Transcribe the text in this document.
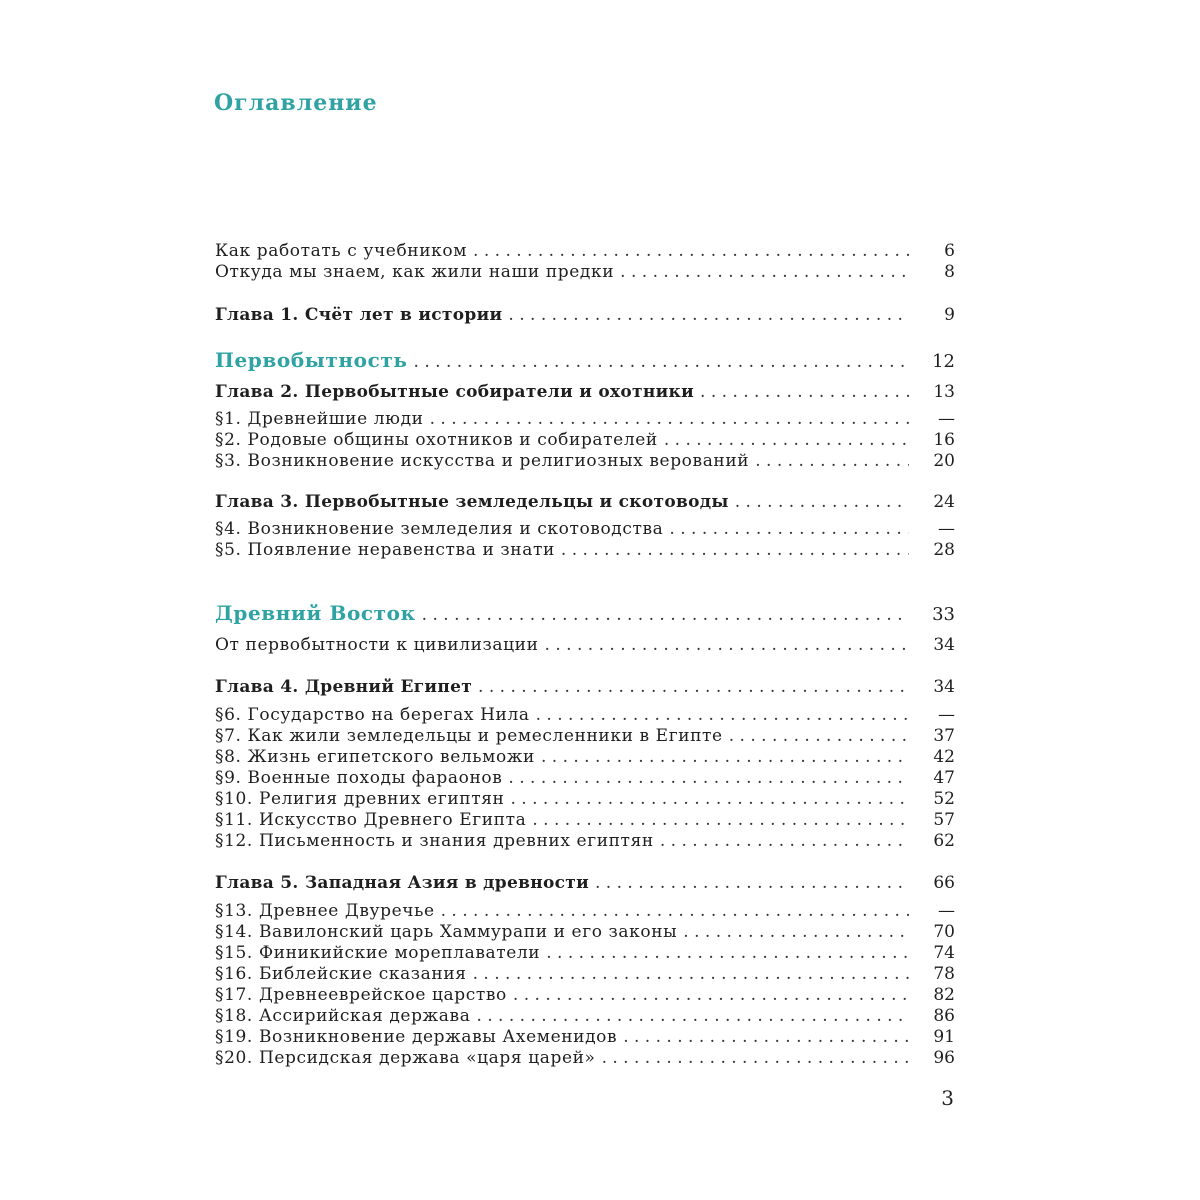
Оглавление
Как работать с учебником . . .	6
Откуда мы знаем, как жили наши предки . . .	8
Глава 1. Счёт лет в истории . . .	9
Первобытность . . .	12
Глава 2. Первобытные собиратели и охотники . . .	13
§1. Древнейшие люди . . .	—
§2. Родовые общины охотников и собирателей . . .	16
§3. Возникновение искусства и религиозных верований . . .	20
Глава 3. Первобытные земледельцы и скотоводы . . .	24
§4. Возникновение земледелия и скотоводства . . .	—
§5. Появление неравенства и знати . . .	28
Древний Восток . . .	33
От первобытности к цивилизации . . .	34
Глава 4. Древний Египет . . .	34
§6. Государство на берегах Нила . . .	—
§7. Как жили земледельцы и ремесленники в Египте . . .	37
§8. Жизнь египетского вельможи . . .	42
§9. Военные походы фараонов . . .	47
§10. Религия древних египтян . . .	52
§11. Искусство Древнего Египта . . .	57
§12. Письменность и знания древних египтян . . .	62
Глава 5. Западная Азия в древности . . .	66
§13. Древнее Двуречье . . .	—
§14. Вавилонский царь Хаммурапи и его законы . . .	70
§15. Финикийские мореплаватели . . .	74
§16. Библейские сказания . . .	78
§17. Древнееврейское царство . . .	82
§18. Ассирийская держава . . .	86
§19. Возникновение державы Ахеменидов . . .	91
§20. Персидская держава «царя царей» . . .	96
3
